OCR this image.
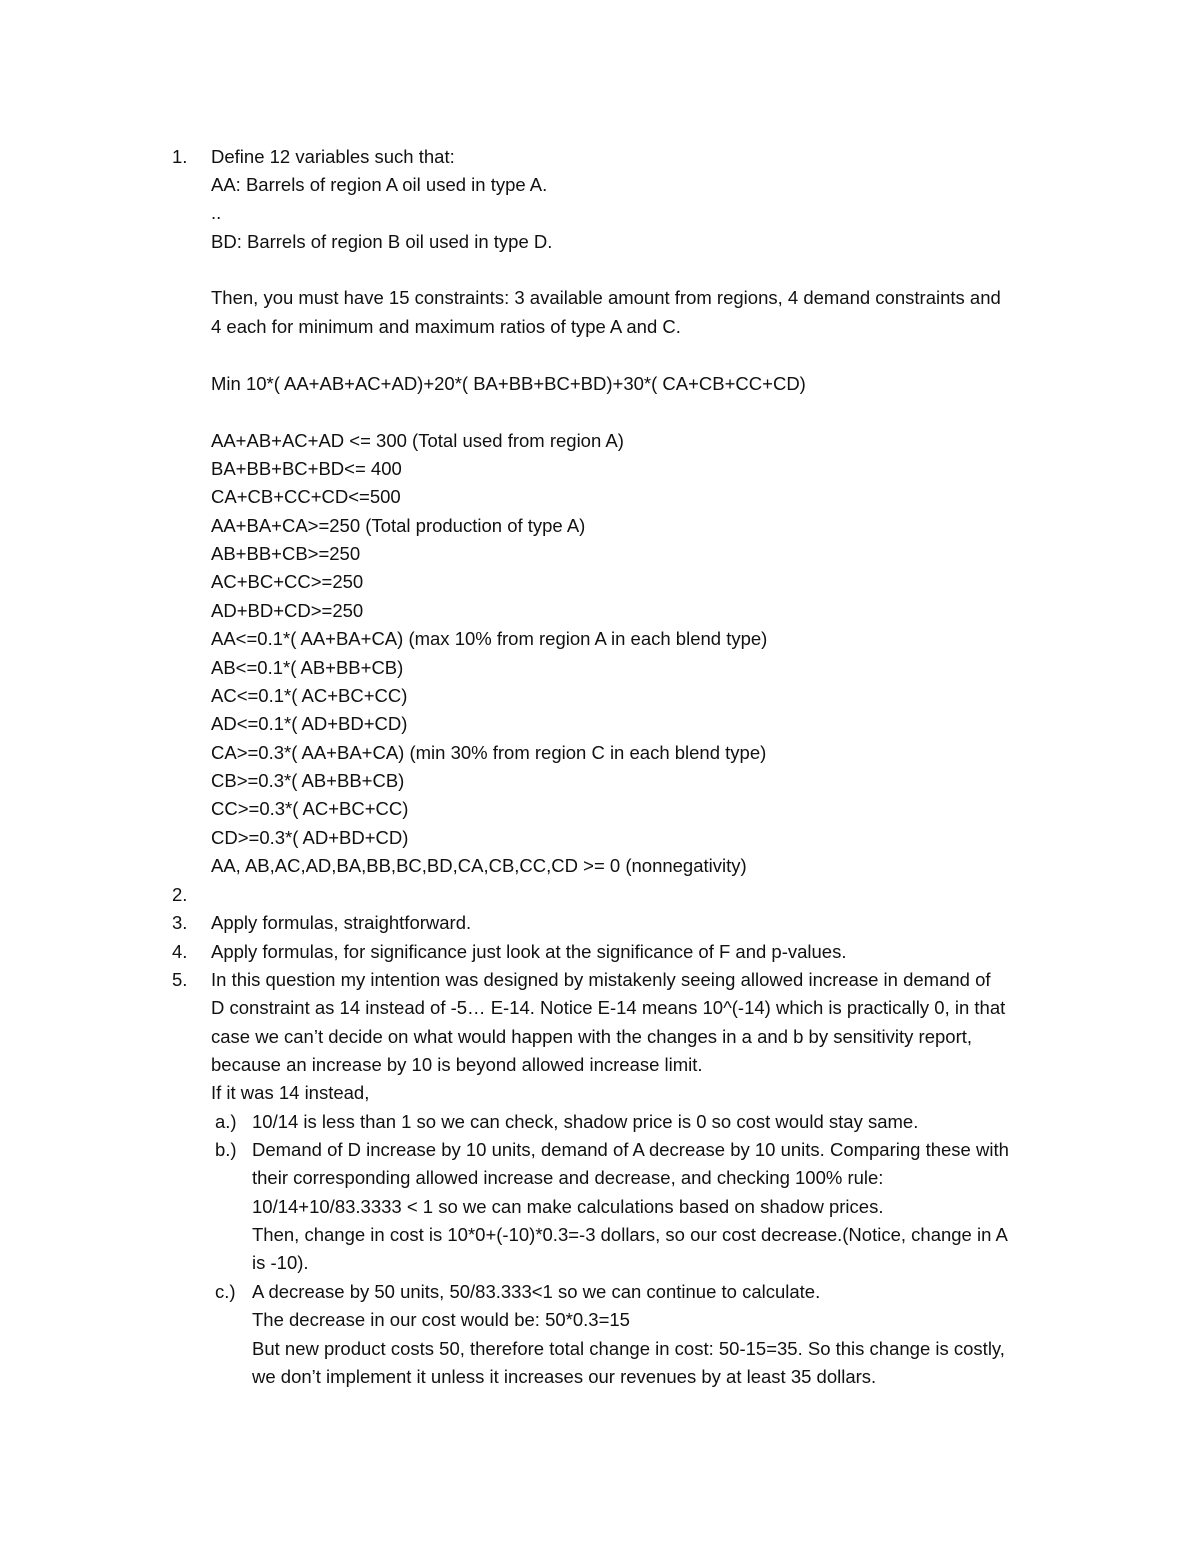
1. Define 12 variables such that:
AA: Barrels of region A oil used in type A.
..
BD: Barrels of region B oil used in type D.
Then, you must have 15 constraints: 3 available amount from regions, 4 demand constraints and
4 each for minimum and maximum ratios of type A and C.
Min 10*( AA+AB+AC+AD)+20*( BA+BB+BC+BD)+30*( CA+CB+CC+CD)
AA+AB+AC+AD <= 300 (Total used from region A)
BA+BB+BC+BD<= 400
CA+CB+CC+CD<=500
AA+BA+CA>=250 (Total production of type A)
AB+BB+CB>=250
AC+BC+CC>=250
AD+BD+CD>=250
AA<=0.1*( AA+BA+CA) (max 10% from region A in each blend type)
AB<=0.1*( AB+BB+CB)
AC<=0.1*( AC+BC+CC)
AD<=0.1*( AD+BD+CD)
CA>=0.3*( AA+BA+CA) (min 30% from region C in each blend type)
CB>=0.3*( AB+BB+CB)
CC>=0.3*( AC+BC+CC)
CD>=0.3*( AD+BD+CD)
AA, AB,AC,AD,BA,BB,BC,BD,CA,CB,CC,CD >= 0 (nonnegativity)
2.
3. Apply formulas, straightforward.
4. Apply formulas, for significance just look at the significance of F and p-values.
5. In this question my intention was designed by mistakenly seeing allowed increase in demand of
D constraint as 14 instead of -5… E-14. Notice E-14 means 10^(-14) which is practically 0, in that
case we can’t decide on what would happen with the changes in a and b by sensitivity report,
because an increase by 10 is beyond allowed increase limit.
If it was 14 instead,
a.) 10/14 is less than 1 so we can check, shadow price is 0 so cost would stay same.
b.) Demand of D increase by 10 units, demand of A decrease by 10 units. Comparing these with
their corresponding allowed increase and decrease, and checking 100% rule:
10/14+10/83.3333 < 1 so we can make calculations based on shadow prices.
Then, change in cost is 10*0+(-10)*0.3=-3 dollars, so our cost decrease.(Notice, change in A
is -10).
c.) A decrease by 50 units, 50/83.333<1 so we can continue to calculate.
The decrease in our cost would be: 50*0.3=15
But new product costs 50, therefore total change in cost: 50-15=35. So this change is costly,
we don’t implement it unless it increases our revenues by at least 35 dollars.
